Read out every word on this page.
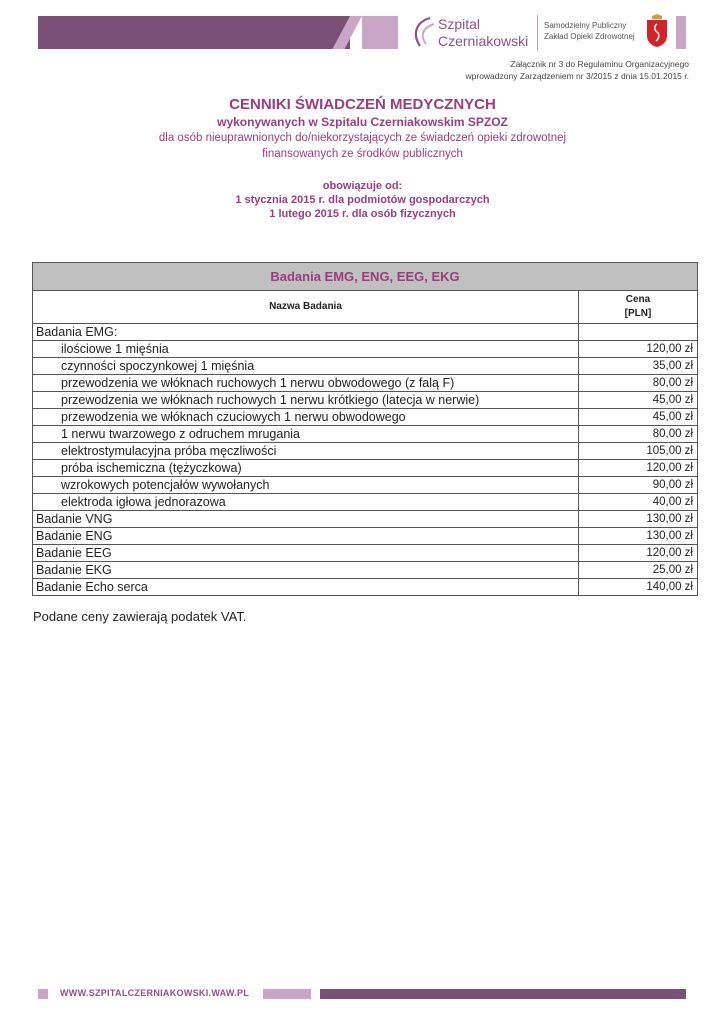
Szpital
Czerniakowski
Samodzielny Publiczny
Zakład Opieki Zdrowotnej
Załącznik nr 3 do Regulaminu Organizacyjnego
wprowadzony Zarządzeniem nr 3/2015 z dnia 15.01.2015 r.
CENNIKI ŚWIADCZEŃ MEDYCZNYCH
wykonywanych w Szpitalu Czerniakowskim SPZOZ
dla osób nieuprawnionych do/niekorzystających ze świadczeń opieki zdrowotnej
finansowanych ze środków publicznych
obowiązuje od:
1 stycznia 2015 r. dla podmiotów gospodarczych
1 lutego 2015 r. dla osób fizycznych
Badania EMG, ENG, EEG, EKG
Nazwa Badania
Cena
[PLN]
Badania EMG:
ilościowe 1 mięśnia	120,00 zł
czynności spoczynkowej 1 mięśnia	35,00 zł
przewodzenia we włóknach ruchowych 1 nerwu obwodowego (z falą F)	80,00 zł
przewodzenia we włóknach ruchowych 1 nerwu krótkiego (latecja w nerwie)	45,00 zł
przewodzenia we włóknach czuciowych 1 nerwu obwodowego	45,00 zł
1 nerwu twarzowego z odruchem mrugania	80,00 zł
elektrostymulacyjna próba męczliwości	105,00 zł
próba ischemiczna (tężyczkowa)	120,00 zł
wzrokowych potencjałów wywołanych	90,00 zł
elektroda igłowa jednorazowa	40,00 zł
Badanie VNG	130,00 zł
Badanie ENG	130,00 zł
Badanie EEG	120,00 zł
Badanie EKG	25,00 zł
Badanie Echo serca	140,00 zł
Podane ceny zawierają podatek VAT.
WWW.SZPITALCZERNIAKOWSKI.WAW.PL
